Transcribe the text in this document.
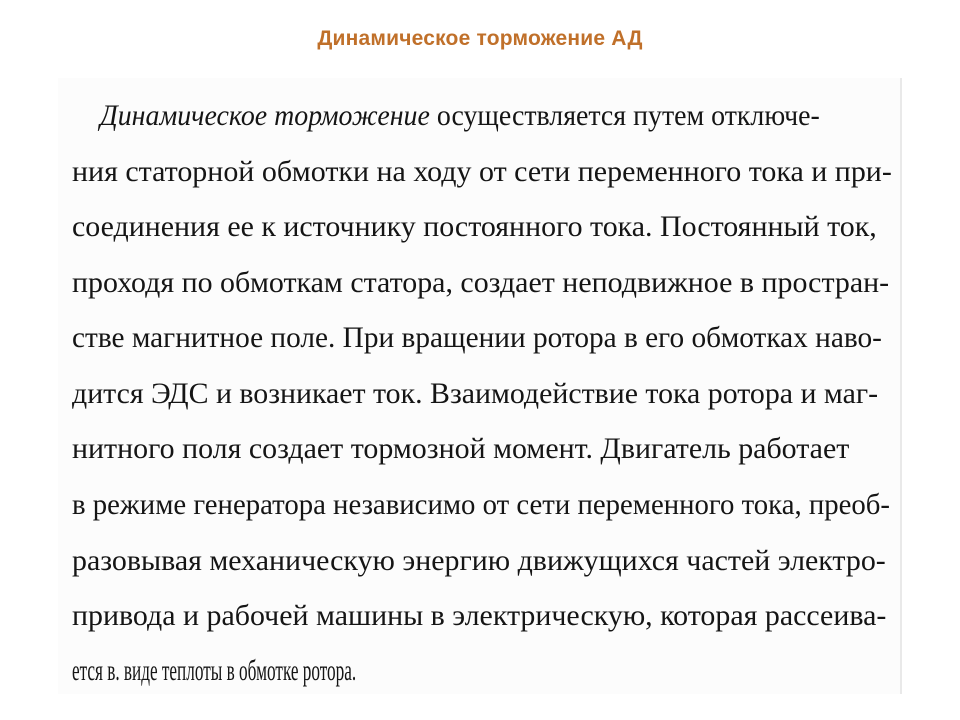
Динамическое торможение АД
Динамическое торможение осуществляется путем отключе-
ния статорной обмотки на ходу от сети переменного тока и при-
соединения ее к источнику постоянного тока. Постоянный ток,
проходя по обмоткам статора, создает неподвижное в простран-
стве магнитное поле. При вращении ротора в его обмотках наво-
дится ЭДС и возникает ток. Взаимодействие тока ротора и маг-
нитного поля создает тормозной момент. Двигатель работает
в режиме генератора независимо от сети переменного тока, преоб-
разовывая механическую энергию движущихся частей электро-
привода и рабочей машины в электрическую, которая рассеива-
ется в. виде теплоты в обмотке ротора.
